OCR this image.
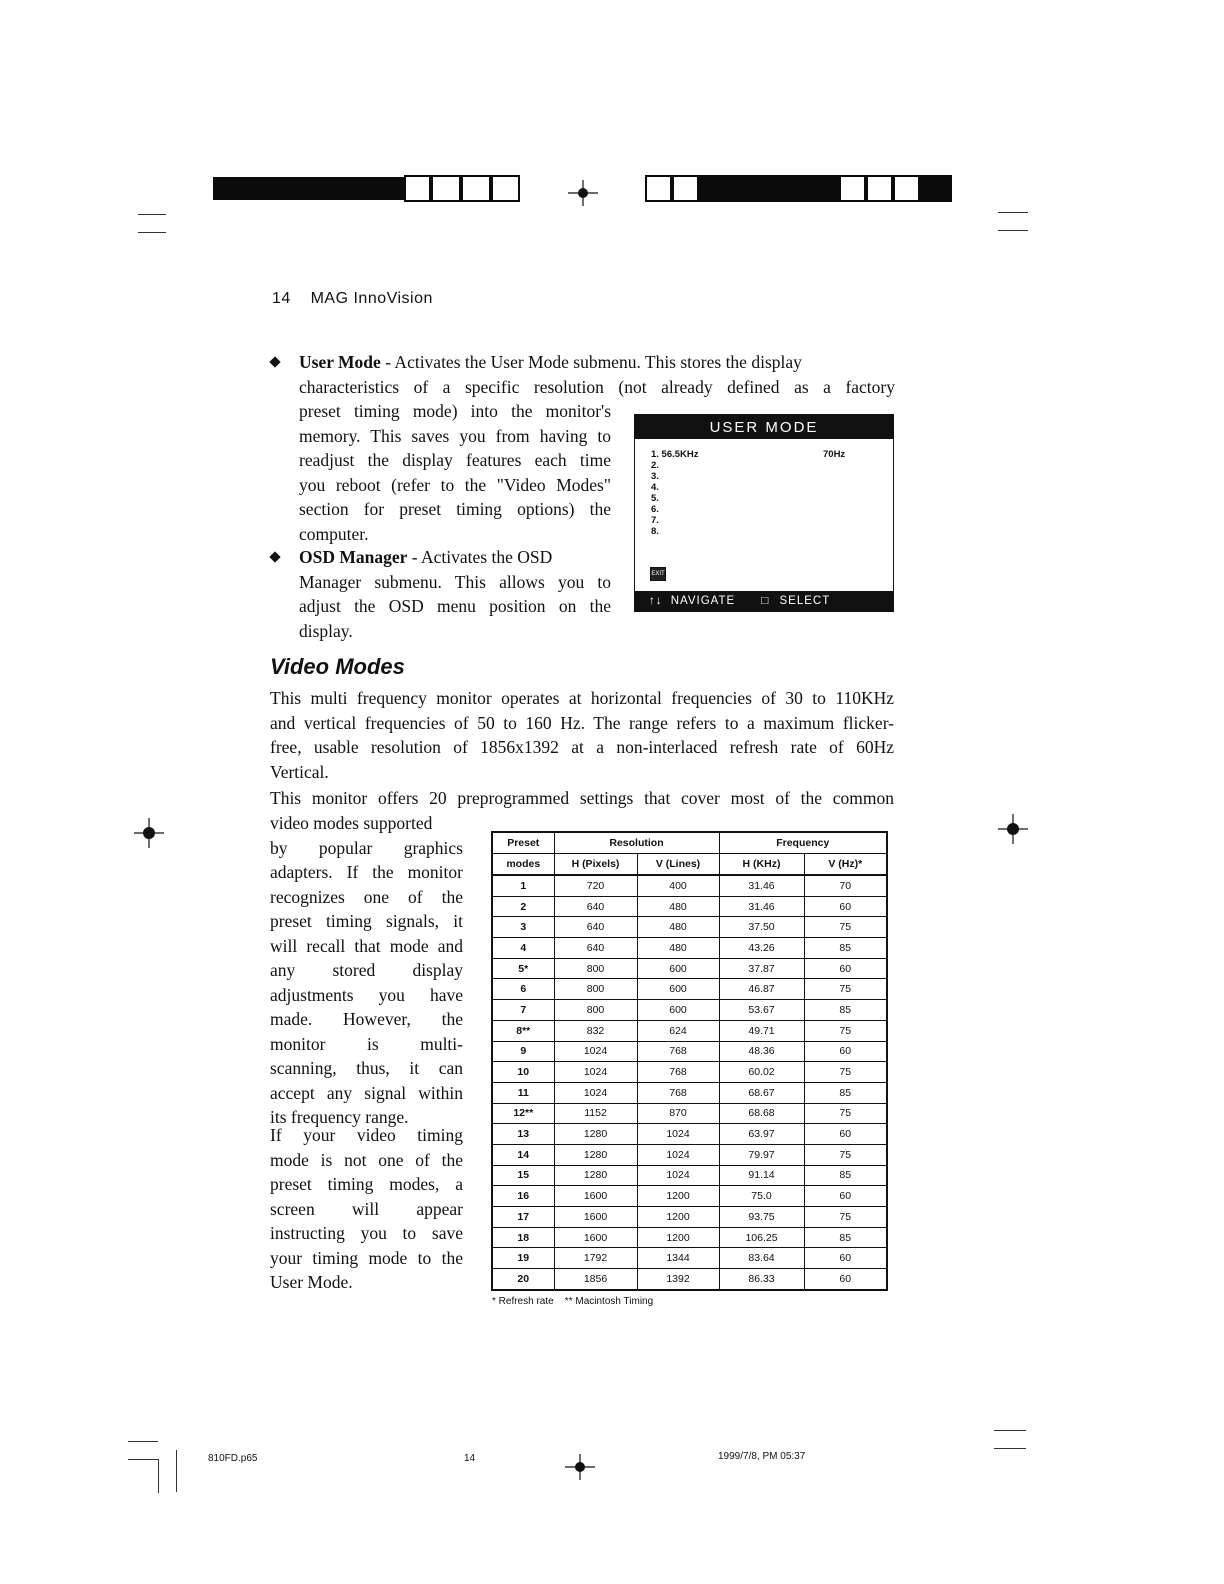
14 MAG InnoVision
User Mode - Activates the User Mode submenu. This stores the display
characteristics of a specific resolution (not already defined as a factory
preset timing mode) into the monitor's
memory. This saves you from having to
readjust the display features each time
you reboot (refer to the "Video Modes"
section for preset timing options) the
computer.
OSD Manager - Activates the OSD
Manager submenu. This allows you to
adjust the OSD menu position on the
display.
USER MODE
1. 56.5KHz
2.
3.
4.
5.
6.
7.
8.
70Hz
EXIT
↑↓ NAVIGATE □ SELECT
Video Modes
This multi frequency monitor operates at horizontal frequencies of 30 to 110KHz
and vertical frequencies of 50 to 160 Hz. The range refers to a maximum flicker-
free, usable resolution of 1856x1392 at a non-interlaced refresh rate of 60Hz
Vertical.
This monitor offers 20 preprogrammed settings that cover most of the common
video modes supported
by popular graphics
adapters. If the monitor
recognizes one of the
preset timing signals, it
will recall that mode and
any stored display
adjustments you have
made. However, the
monitor is multi-
scanning, thus, it can
accept any signal within
its frequency range.
If your video timing
mode is not one of the
preset timing modes, a
screen will appear
instructing you to save
your timing mode to the
User Mode.
Preset	Resolution		Frequency	
modes	H (Pixels)	V (Lines)	H (KHz)	V (Hz)*
1	720	400	31.46	70
2	640	480	31.46	60
3	640	480	37.50	75
4	640	480	43.26	85
5*	800	600	37.87	60
6	800	600	46.87	75
7	800	600	53.67	85
8**	832	624	49.71	75
9	1024	768	48.36	60
10	1024	768	60.02	75
11	1024	768	68.67	85
12**	1152	870	68.68	75
13	1280	1024	63.97	60
14	1280	1024	79.97	75
15	1280	1024	91.14	85
16	1600	1200	75.0	60
17	1600	1200	93.75	75
18	1600	1200	106.25	85
19	1792	1344	83.64	60
20	1856	1392	86.33	60
* Refresh rate    ** Macintosh Timing
810FD.p65	14	1999/7/8, PM 05:37
